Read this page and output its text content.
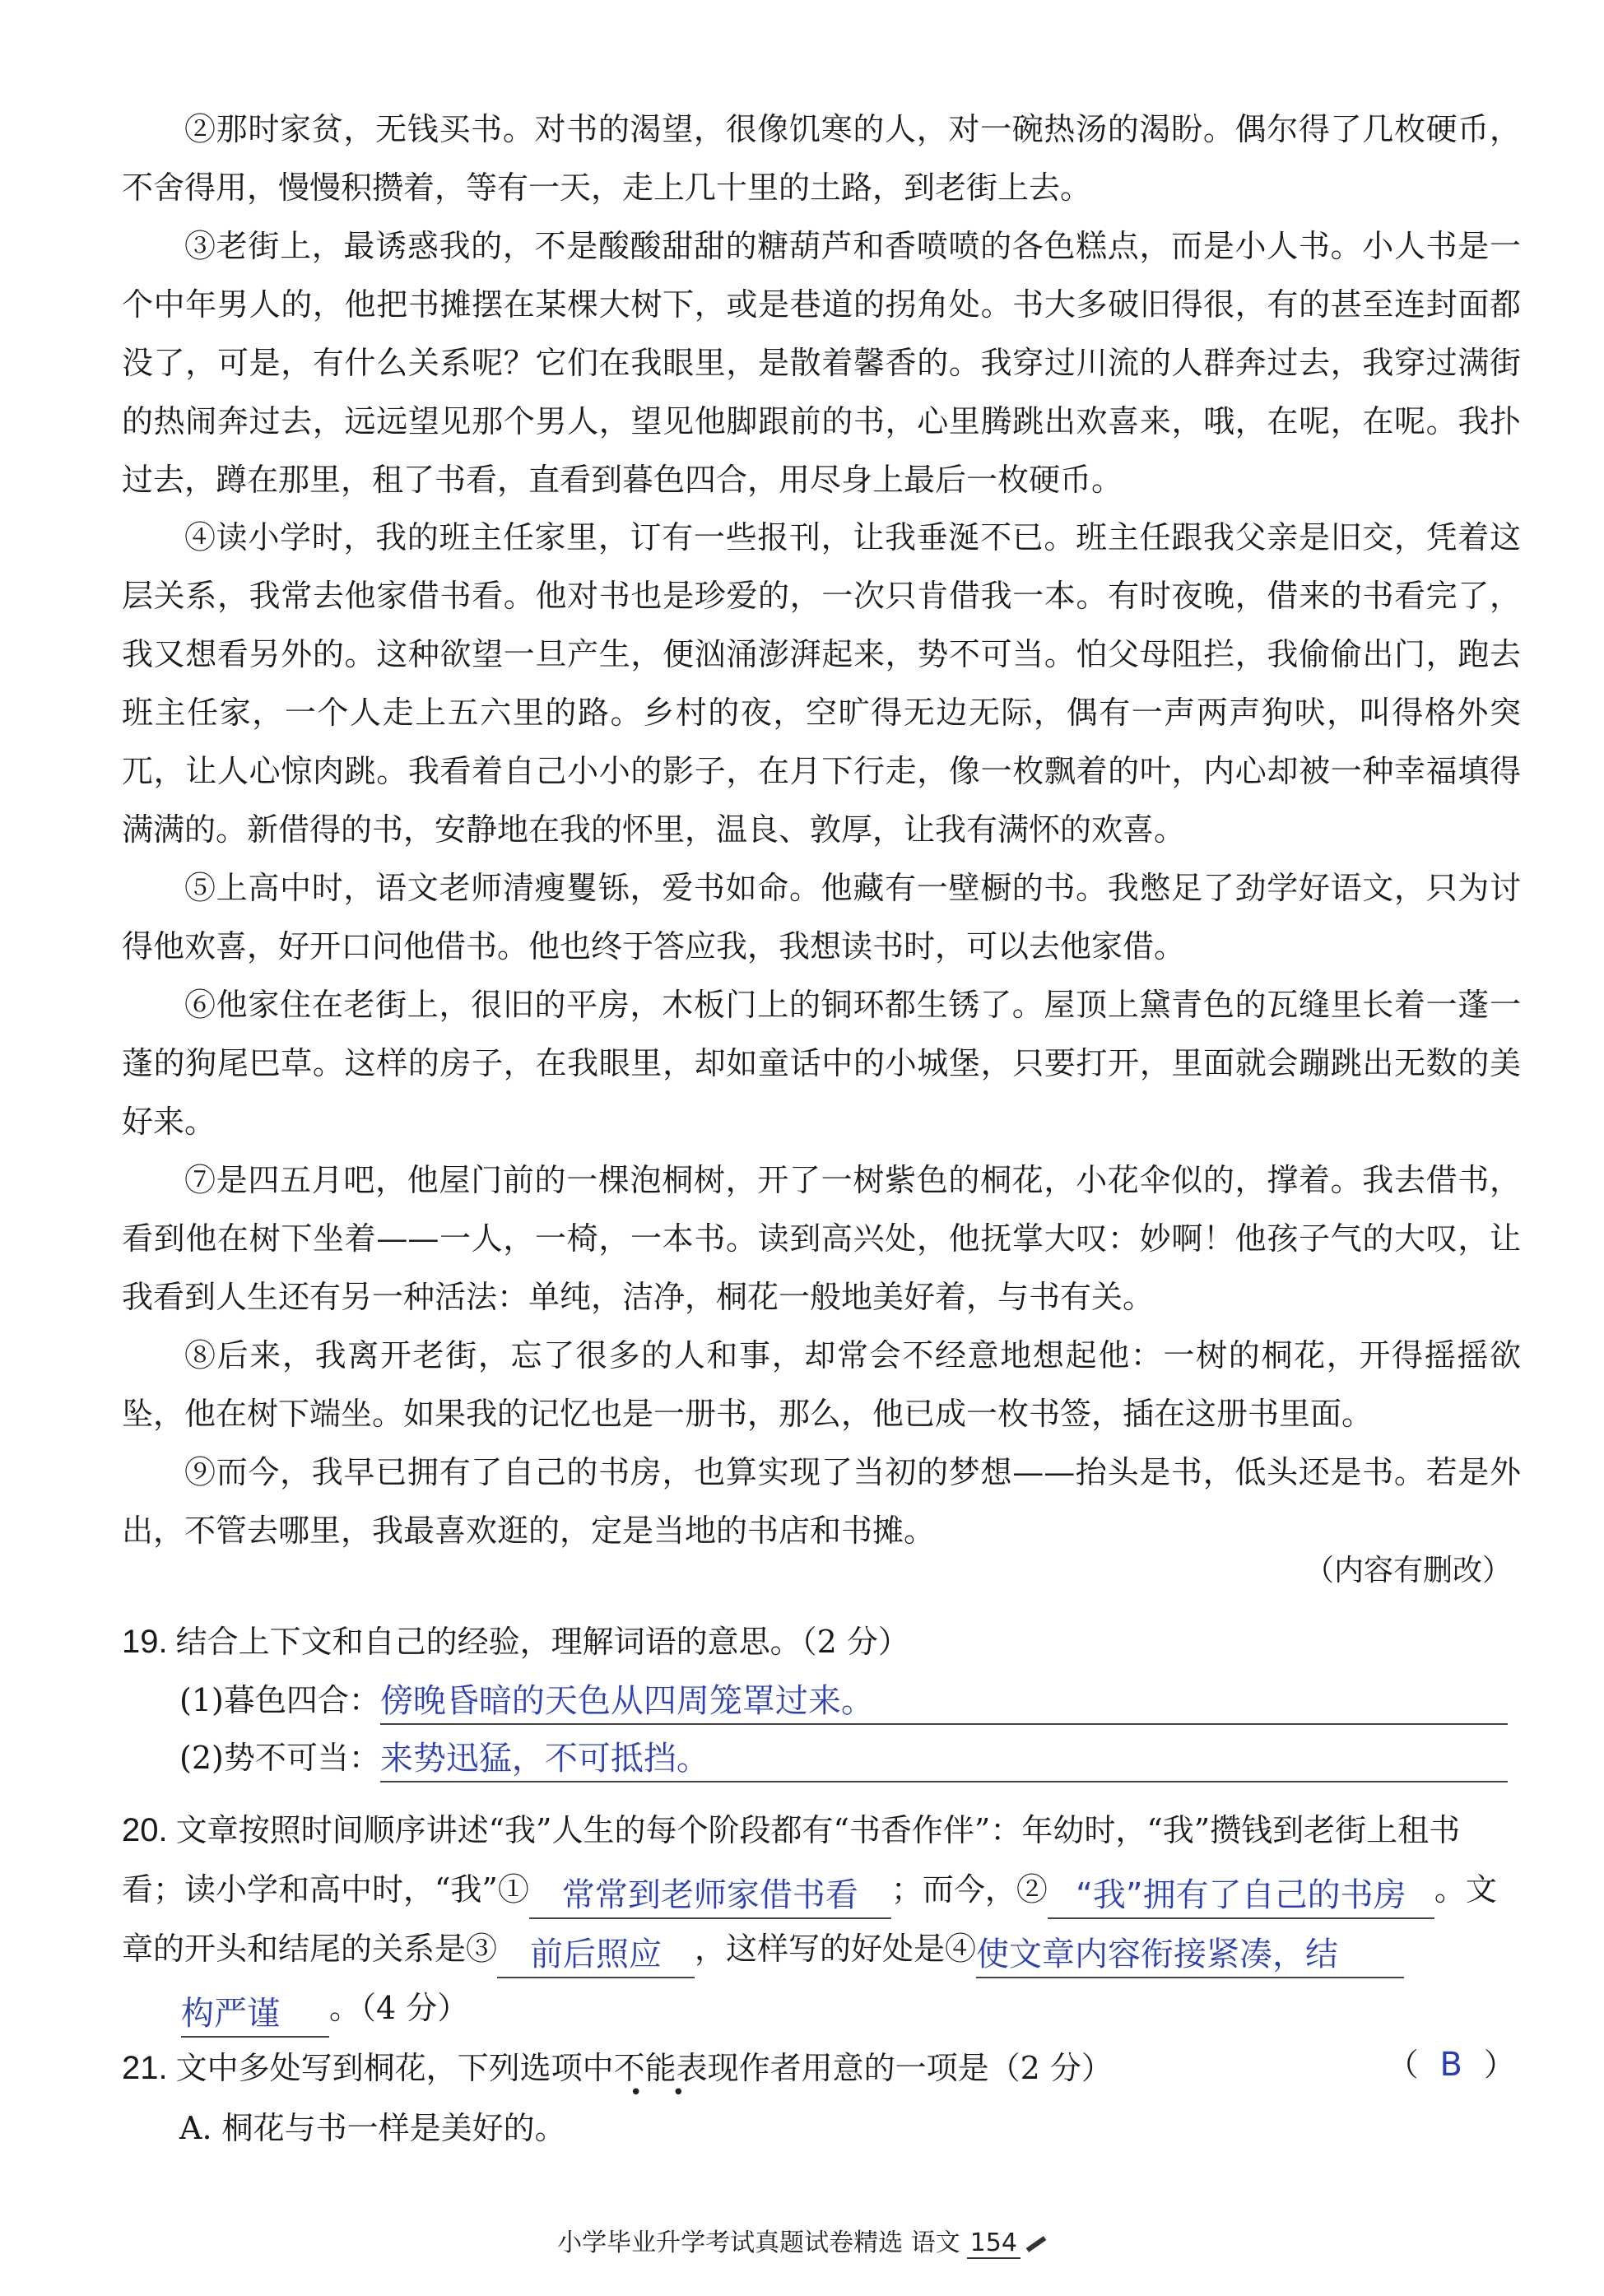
②那时家贫，无钱买书。对书的渴望，很像饥寒的人，对一碗热汤的渴盼。偶尔得了几枚硬币，不舍得用，慢慢积攒着，等有一天，走上几十里的土路，到老街上去。

③老街上，最诱惑我的，不是酸酸甜甜的糖葫芦和香喷喷的各色糕点，而是小人书。小人书是一个中年男人的，他把书摊摆在某棵大树下，或是巷道的拐角处。书大多破旧得很，有的甚至连封面都没了，可是，有什么关系呢？它们在我眼里，是散着馨香的。我穿过川流的人群奔过去，我穿过满街的热闹奔过去，远远望见那个男人，望见他脚跟前的书，心里腾跳出欢喜来，哦，在呢，在呢。我扑过去，蹲在那里，租了书看，直看到暮色四合，用尽身上最后一枚硬币。

④读小学时，我的班主任家里，订有一些报刊，让我垂涎不已。班主任跟我父亲是旧交，凭着这层关系，我常去他家借书看。他对书也是珍爱的，一次只肯借我一本。有时夜晚，借来的书看完了，我又想看另外的。这种欲望一旦产生，便汹涌澎湃起来，势不可当。怕父母阻拦，我偷偷出门，跑去班主任家，一个人走上五六里的路。乡村的夜，空旷得无边无际，偶有一声两声狗吠，叫得格外突兀，让人心惊肉跳。我看着自己小小的影子，在月下行走，像一枚飘着的叶，内心却被一种幸福填得满满的。新借得的书，安静地在我的怀里，温良、敦厚，让我有满怀的欢喜。

⑤上高中时，语文老师清瘦矍铄，爱书如命。他藏有一壁橱的书。我憋足了劲学好语文，只为讨得他欢喜，好开口问他借书。他也终于答应我，我想读书时，可以去他家借。

⑥他家住在老街上，很旧的平房，木板门上的铜环都生锈了。屋顶上黛青色的瓦缝里长着一蓬一蓬的狗尾巴草。这样的房子，在我眼里，却如童话中的小城堡，只要打开，里面就会蹦跳出无数的美好来。

⑦是四五月吧，他屋门前的一棵泡桐树，开了一树紫色的桐花，小花伞似的，撑着。我去借书，看到他在树下坐着——一人，一椅，一本书。读到高兴处，他抚掌大叹：妙啊！他孩子气的大叹，让我看到人生还有另一种活法：单纯，洁净，桐花一般地美好着，与书有关。

⑧后来，我离开老街，忘了很多的人和事，却常会不经意地想起他：一树的桐花，开得摇摇欲坠，他在树下端坐。如果我的记忆也是一册书，那么，他已成一枚书签，插在这册书里面。

⑨而今，我早已拥有了自己的书房，也算实现了当初的梦想——抬头是书，低头还是书。若是外出，不管去哪里，我最喜欢逛的，定是当地的书店和书摊。

（内容有删改）
19. 结合上下文和自己的经验，理解词语的意思。（2 分）
(1)暮色四合：傍晚昏暗的天色从四周笼罩过来。
(2)势不可当：来势迅猛，不可抵挡。
20. 文章按照时间顺序讲述“我”人生的每个阶段都有“书香作伴”：年幼时，“我”攒钱到老街上租书看；读小学和高中时，“我”① 常常到老师家借书看 ；而今，② “我”拥有了自己的书房 。文章的开头和结尾的关系是③ 前后照应 ，这样写的好处是④使文章内容衔接紧凑，结
构严谨 。（4 分）
21. 文中多处写到桐花，下列选项中不能表现作者用意的一项是（2 分）
• •
（ B ）
A. 桐花与书一样是美好的。
小学毕业升学考试真题试卷精选 语文 154
